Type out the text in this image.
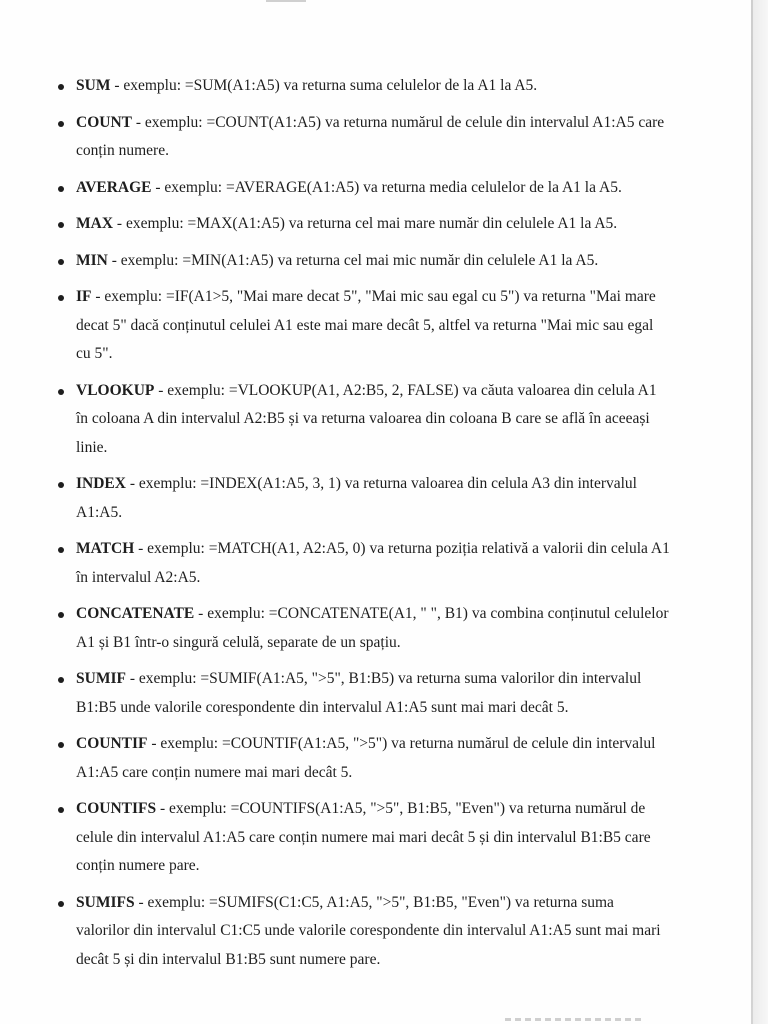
SUM - exemplu: =SUM(A1:A5) va returna suma celulelor de la A1 la A5.
COUNT - exemplu: =COUNT(A1:A5) va returna numărul de celule din intervalul A1:A5 care conțin numere.
AVERAGE - exemplu: =AVERAGE(A1:A5) va returna media celulelor de la A1 la A5.
MAX - exemplu: =MAX(A1:A5) va returna cel mai mare număr din celulele A1 la A5.
MIN - exemplu: =MIN(A1:A5) va returna cel mai mic număr din celulele A1 la A5.
IF - exemplu: =IF(A1>5, "Mai mare decat 5", "Mai mic sau egal cu 5") va returna "Mai mare decat 5" dacă conținutul celulei A1 este mai mare decât 5, altfel va returna "Mai mic sau egal cu 5".
VLOOKUP - exemplu: =VLOOKUP(A1, A2:B5, 2, FALSE) va căuta valoarea din celula A1 în coloana A din intervalul A2:B5 și va returna valoarea din coloana B care se află în aceeași linie.
INDEX - exemplu: =INDEX(A1:A5, 3, 1) va returna valoarea din celula A3 din intervalul A1:A5.
MATCH - exemplu: =MATCH(A1, A2:A5, 0) va returna poziția relativă a valorii din celula A1 în intervalul A2:A5.
CONCATENATE - exemplu: =CONCATENATE(A1, " ", B1) va combina conținutul celulelor A1 și B1 într-o singură celulă, separate de un spațiu.
SUMIF - exemplu: =SUMIF(A1:A5, ">5", B1:B5) va returna suma valorilor din intervalul B1:B5 unde valorile corespondente din intervalul A1:A5 sunt mai mari decât 5.
COUNTIF - exemplu: =COUNTIF(A1:A5, ">5") va returna numărul de celule din intervalul A1:A5 care conțin numere mai mari decât 5.
COUNTIFS - exemplu: =COUNTIFS(A1:A5, ">5", B1:B5, "Even") va returna numărul de celule din intervalul A1:A5 care conțin numere mai mari decât 5 și din intervalul B1:B5 care conțin numere pare.
SUMIFS - exemplu: =SUMIFS(C1:C5, A1:A5, ">5", B1:B5, "Even") va returna suma valorilor din intervalul C1:C5 unde valorile corespondente din intervalul A1:A5 sunt mai mari decât 5 și din intervalul B1:B5 sunt numere pare.
